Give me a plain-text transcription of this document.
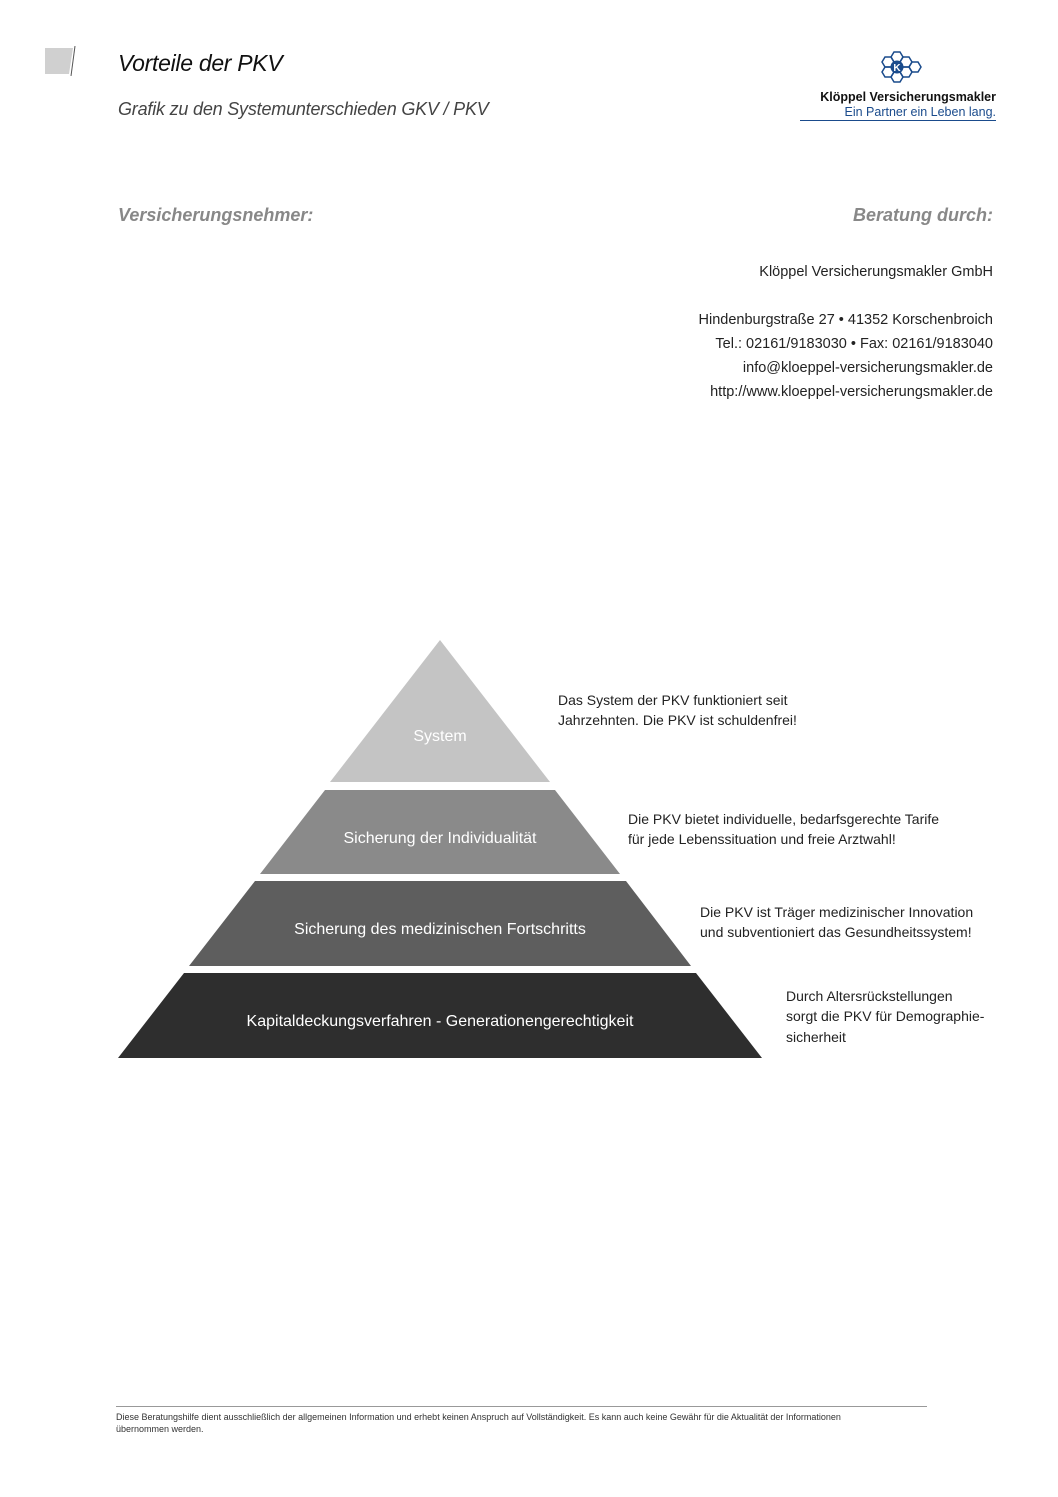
Vorteile der PKV
Grafik zu den Systemunterschieden GKV / PKV
K
Klöppel Versicherungsmakler
Ein Partner ein Leben lang.
Versicherungsnehmer:	Beratung durch:
Klöppel Versicherungsmakler GmbH
Hindenburgstraße 27 • 41352 Korschenbroich
Tel.: 02161/9183030 • Fax: 02161/9183040
info@kloeppel-versicherungsmakler.de
http://www.kloeppel-versicherungsmakler.de
System
Sicherung der Individualität
Sicherung des medizinischen Fortschritts
Kapitaldeckungsverfahren - Generationengerechtigkeit
Das System der PKV funktioniert seit
Jahrzehnten. Die PKV ist schuldenfrei!
Die PKV bietet individuelle, bedarfsgerechte Tarife
für jede Lebenssituation und freie Arztwahl!
Die PKV ist Träger medizinischer Innovation
und subventioniert das Gesundheitssystem!
Durch Altersrückstellungen
sorgt die PKV für Demographie-
sicherheit
Diese Beratungshilfe dient ausschließlich der allgemeinen Information und erhebt keinen Anspruch auf Vollständigkeit. Es kann auch keine Gewähr für die Aktualität der Informationen
übernommen werden.
